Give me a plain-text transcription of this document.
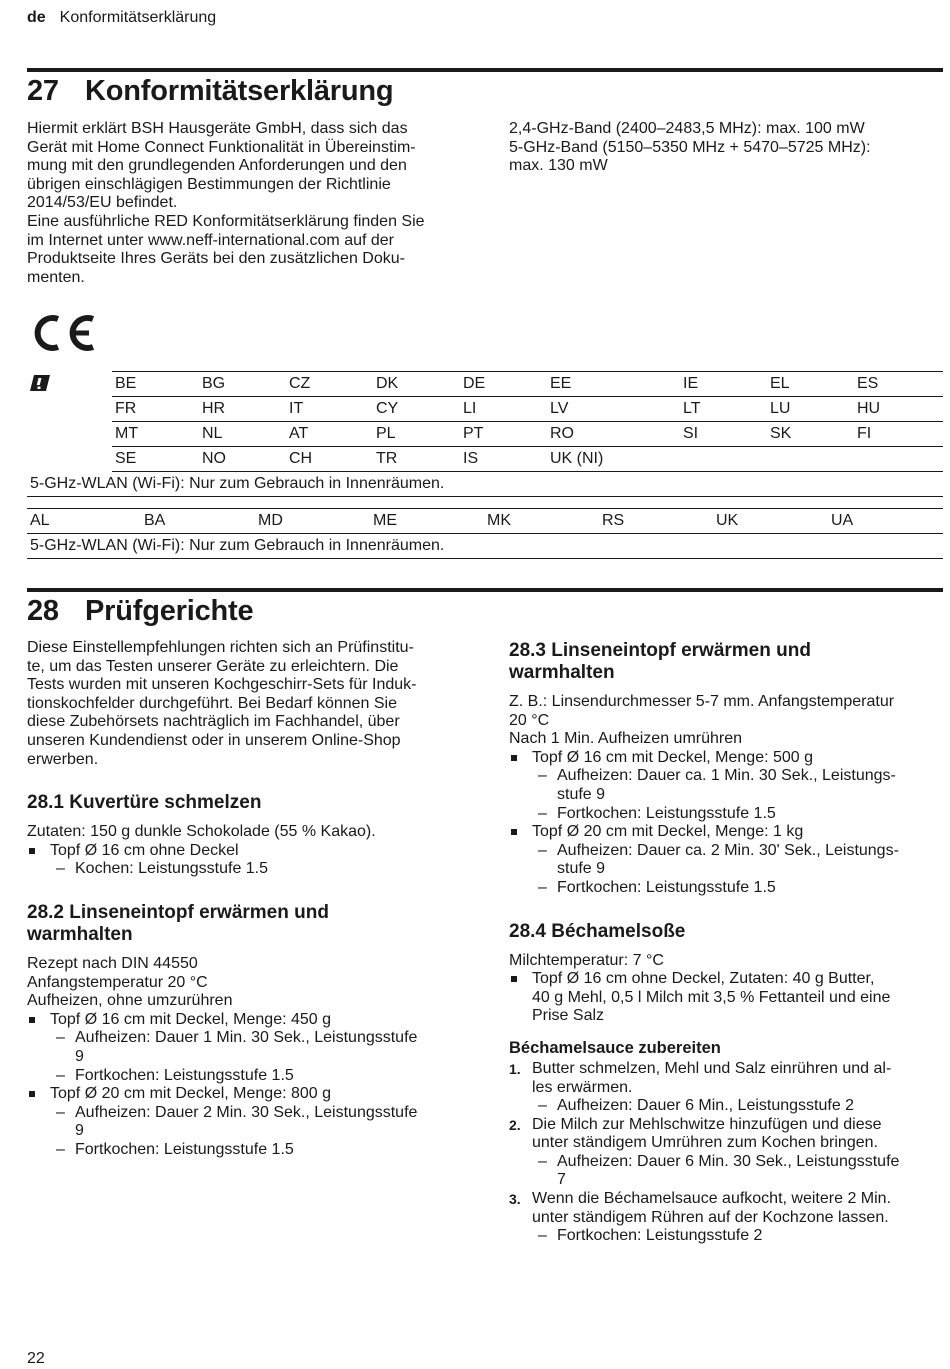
de Konformitätserklärung
27 Konformitätserklärung
Hiermit erklärt BSH Hausgeräte GmbH, dass sich das
Gerät mit Home Connect Funktionalität in Übereinstim-
mung mit den grundlegenden Anforderungen und den
übrigen einschlägigen Bestimmungen der Richtlinie
2014/53/EU befindet.
Eine ausführliche RED Konformitätserklärung finden Sie
im Internet unter www.neff-international.com auf der
Produktseite Ihres Geräts bei den zusätzlichen Doku-
menten.
2,4-GHz-Band (2400–2483,5 MHz): max. 100 mW
5-GHz-Band (5150–5350 MHz + 5470–5725 MHz):
max. 130 mW
BE	BG	CZ	DK	DE	EE	IE	EL	ES
FR	HR	IT	CY	LI	LV	LT	LU	HU
MT	NL	AT	PL	PT	RO	SI	SK	FI
SE	NO	CH	TR	IS	UK (NI)
5-GHz-WLAN (Wi-Fi): Nur zum Gebrauch in Innenräumen.
AL	BA	MD	ME	MK	RS	UK	UA
5-GHz-WLAN (Wi-Fi): Nur zum Gebrauch in Innenräumen.
28 Prüfgerichte
Diese Einstellempfehlungen richten sich an Prüfinstitu-
te, um das Testen unserer Geräte zu erleichtern. Die
Tests wurden mit unseren Kochgeschirr-Sets für Induk-
tionskochfelder durchgeführt. Bei Bedarf können Sie
diese Zubehörsets nachträglich im Fachhandel, über
unseren Kundendienst oder in unserem Online-Shop
erwerben.
28.1 Kuvertüre schmelzen
Zutaten: 150 g dunkle Schokolade (55 % Kakao).
Topf Ø 16 cm ohne Deckel
– Kochen: Leistungsstufe 1.5
28.2 Linseneintopf erwärmen und
warmhalten
Rezept nach DIN 44550
Anfangstemperatur 20 °C
Aufheizen, ohne umzurühren
Topf Ø 16 cm mit Deckel, Menge: 450 g
– Aufheizen: Dauer 1 Min. 30 Sek., Leistungsstufe
9
– Fortkochen: Leistungsstufe 1.5
Topf Ø 20 cm mit Deckel, Menge: 800 g
– Aufheizen: Dauer 2 Min. 30 Sek., Leistungsstufe
9
– Fortkochen: Leistungsstufe 1.5
28.3 Linseneintopf erwärmen und
warmhalten
Z. B.: Linsendurchmesser 5-7 mm. Anfangstemperatur
20 °C
Nach 1 Min. Aufheizen umrühren
Topf Ø 16 cm mit Deckel, Menge: 500 g
– Aufheizen: Dauer ca. 1 Min. 30 Sek., Leistungs-
stufe 9
– Fortkochen: Leistungsstufe 1.5
Topf Ø 20 cm mit Deckel, Menge: 1 kg
– Aufheizen: Dauer ca. 2 Min. 30' Sek., Leistungs-
stufe 9
– Fortkochen: Leistungsstufe 1.5
28.4 Béchamelsoße
Milchtemperatur: 7 °C
Topf Ø 16 cm ohne Deckel, Zutaten: 40 g Butter,
40 g Mehl, 0,5 l Milch mit 3,5 % Fettanteil und eine
Prise Salz
Béchamelsauce zubereiten
1. Butter schmelzen, Mehl und Salz einrühren und al-
les erwärmen.
– Aufheizen: Dauer 6 Min., Leistungsstufe 2
2. Die Milch zur Mehlschwitze hinzufügen und diese
unter ständigem Umrühren zum Kochen bringen.
– Aufheizen: Dauer 6 Min. 30 Sek., Leistungsstufe
7
3. Wenn die Béchamelsauce aufkocht, weitere 2 Min.
unter ständigem Rühren auf der Kochzone lassen.
– Fortkochen: Leistungsstufe 2
22
